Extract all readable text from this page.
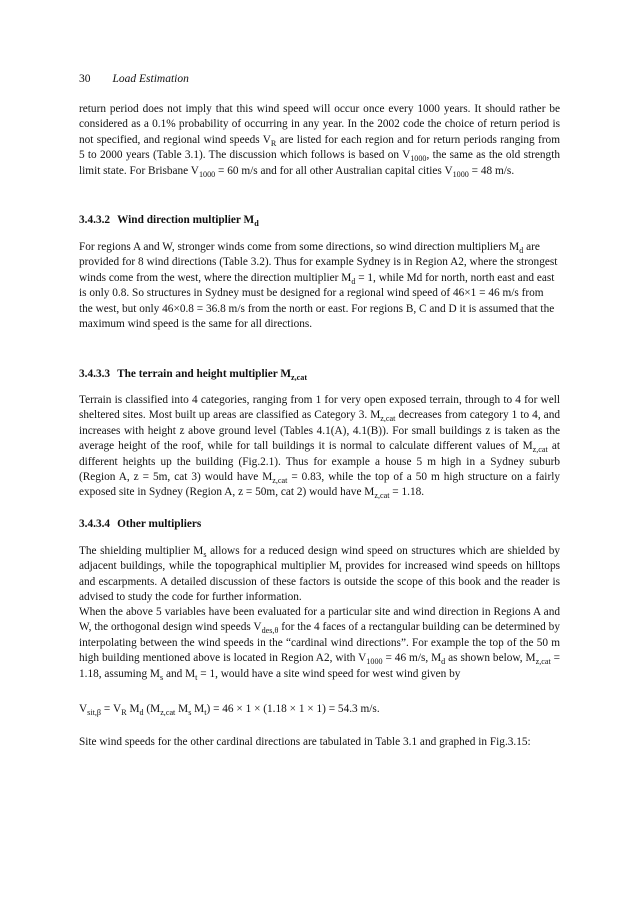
30 Load Estimation

return period does not imply that this wind speed will occur once every 1000 years. It should rather be considered as a 0.1% probability of occurring in any year. In the 2002 code the choice of return period is not specified, and regional wind speeds $V_R$ are listed for each region and for return periods ranging from 5 to 2000 years (Table 3.1). The discussion which follows is based on $V_{1000}$, the same as the old strength limit state. For Brisbane $V_{1000} = 60$ m/s and for all other Australian capital cities $V_{1000} = 48$ m/s.

3.4.3.2 Wind direction multiplier $M_d$

For regions A and W, stronger winds come from some directions, so wind direction multipliers $M_d$ are provided for 8 wind directions (Table 3.2). Thus for example Sydney is in Region A2, where the strongest winds come from the west, where the direction multiplier $M_d = 1$, while Md for north, north east and east is only 0.8. So structures in Sydney must be designed for a regional wind speed of 46×1 = 46 m/s from the west, but only 46×0.8 = 36.8 m/s from the north or east. For regions B, C and D it is assumed that the maximum wind speed is the same for all directions.

3.4.3.3 The terrain and height multiplier $M_{z,cat}$

Terrain is classified into 4 categories, ranging from 1 for very open exposed terrain, through to 4 for well sheltered sites. Most built up areas are classified as Category 3. $M_{z,cat}$ decreases from category 1 to 4, and increases with height z above ground level (Tables 4.1(A), 4.1(B)). For small buildings z is taken as the average height of the roof, while for tall buildings it is normal to calculate different values of $M_{z,cat}$ at different heights up the building (Fig.2.1). Thus for example a house 5 m high in a Sydney suburb (Region A, z = 5m, cat 3) would have $M_{z,cat} = 0.83$, while the top of a 50 m high structure on a fairly exposed site in Sydney (Region A, z = 50m, cat 2) would have $M_{z,cat} = 1.18$.

3.4.3.4 Other multipliers

The shielding multiplier $M_s$ allows for a reduced design wind speed on structures which are shielded by adjacent buildings, while the topographical multiplier $M_t$ provides for increased wind speeds on hilltops and escarpments. A detailed discussion of these factors is outside the scope of this book and the reader is advised to study the code for further information.

When the above 5 variables have been evaluated for a particular site and wind direction in Regions A and W, the orthogonal design wind speeds $V_{des,\theta}$ for the 4 faces of a rectangular building can be determined by interpolating between the wind speeds in the “cardinal wind directions”. For example the top of the 50 m high building mentioned above is located in Region A2, with $V_{1000} = 46$ m/s, $M_d$ as shown below, $M_{z,cat} = 1.18$, assuming $M_s$ and $M_t = 1$, would have a site wind speed for west wind given by

$V_{sit,\beta} = V_R$ $M_d$ ($M_{z,cat}$ $M_s$ $M_t) = 46 \times 1 \times (1.18 \times 1 \times 1) = 54.3$ m/s.

Site wind speeds for the other cardinal directions are tabulated in Table 3.1 and graphed in Fig.3.15:
